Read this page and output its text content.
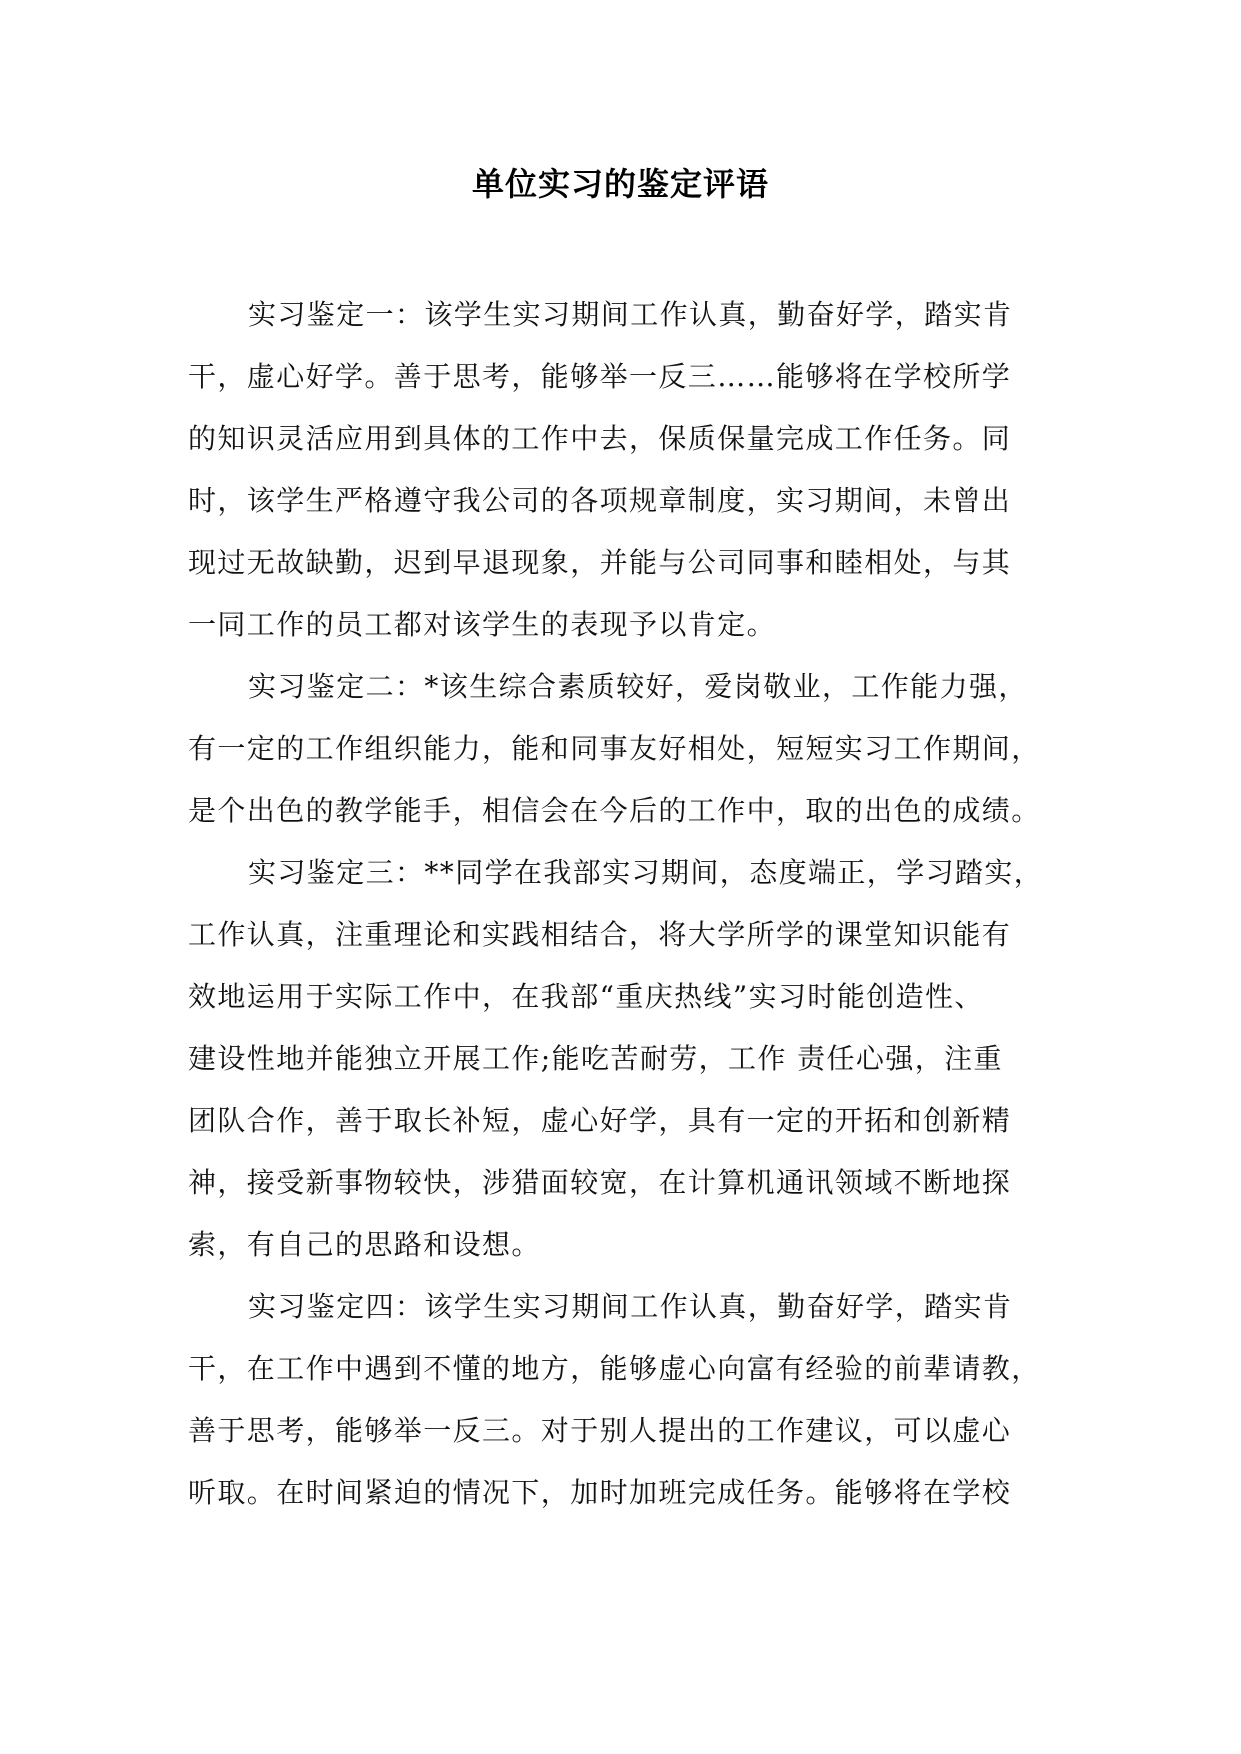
单位实习的鉴定评语
实习鉴定一：该学生实习期间工作认真，勤奋好学，踏实肯
干，虚心好学。善于思考，能够举一反三……能够将在学校所学
的知识灵活应用到具体的工作中去，保质保量完成工作任务。同
时，该学生严格遵守我公司的各项规章制度，实习期间，未曾出
现过无故缺勤，迟到早退现象，并能与公司同事和睦相处，与其
一同工作的员工都对该学生的表现予以肯定。
实习鉴定二：*该生综合素质较好，爱岗敬业，工作能力强，
有一定的工作组织能力，能和同事友好相处，短短实习工作期间，
是个出色的教学能手，相信会在今后的工作中，取的出色的成绩。
实习鉴定三：**同学在我部实习期间，态度端正，学习踏实，
工作认真，注重理论和实践相结合，将大学所学的课堂知识能有
效地运用于实际工作中，在我部“重庆热线”实习时能创造性、
建设性地并能独立开展工作;能吃苦耐劳，工作 责任心强，注重
团队合作，善于取长补短，虚心好学，具有一定的开拓和创新精
神，接受新事物较快，涉猎面较宽，在计算机通讯领域不断地探
索，有自己的思路和设想。
实习鉴定四：该学生实习期间工作认真，勤奋好学，踏实肯
干，在工作中遇到不懂的地方，能够虚心向富有经验的前辈请教，
善于思考，能够举一反三。对于别人提出的工作建议，可以虚心
听取。在时间紧迫的情况下，加时加班完成任务。能够将在学校
